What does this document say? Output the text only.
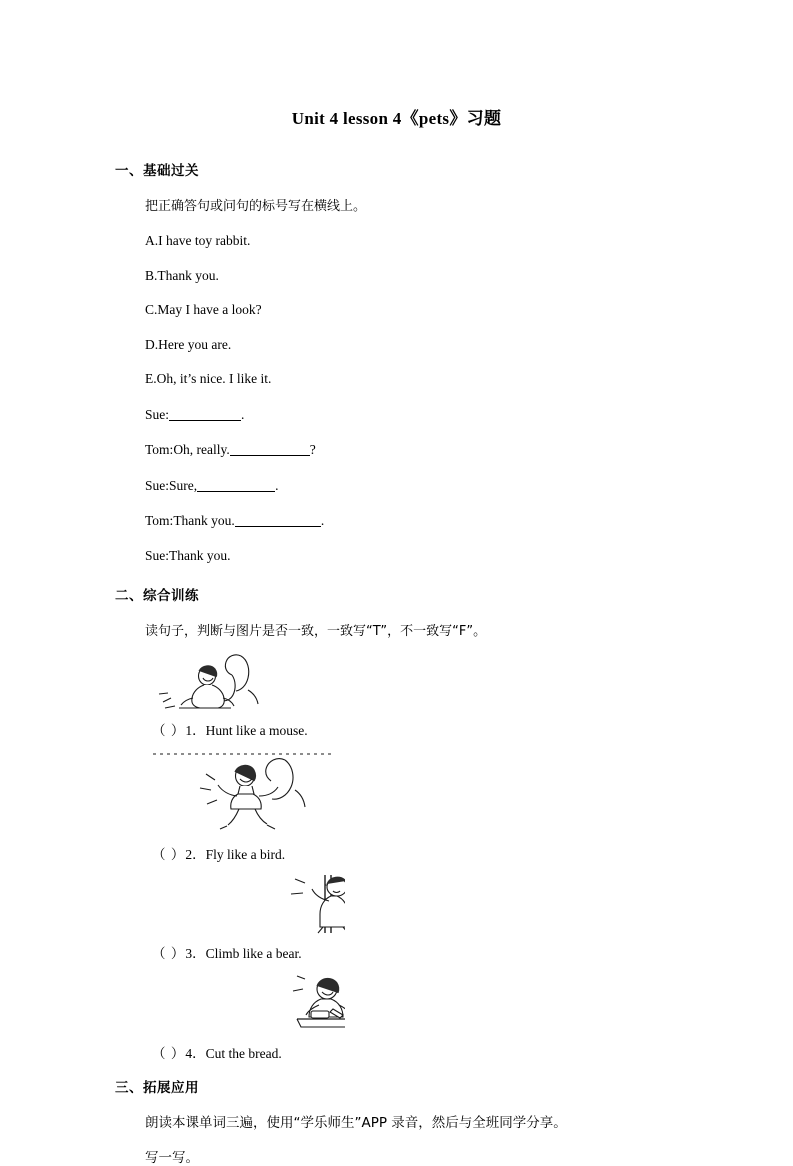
Unit 4 lesson 4《pets》习题
一、基础过关
把正确答句或问句的标号写在横线上。
A.I have toy rabbit.
B.Thank you.
C.May I have a look?
D.Here you are.
E.Oh, it’s nice. I like it.
Sue:	.
Tom:Oh, really.	?
Sue:Sure,	.
Tom:Thank you.	.
Sue:Thank you.
二、综合训练
读句子，判断与图片是否一致，一致写“T”，不一致写“F”。
（ ）1．Hunt like a mouse.
（ ）2．Fly like a bird.
（ ）3．Climb like a bear.
（ ）4．Cut the bread.
三、拓展应用
朗读本课单词三遍，使用“学乐师生”APP 录音，然后与全班同学分享。
写一写。
